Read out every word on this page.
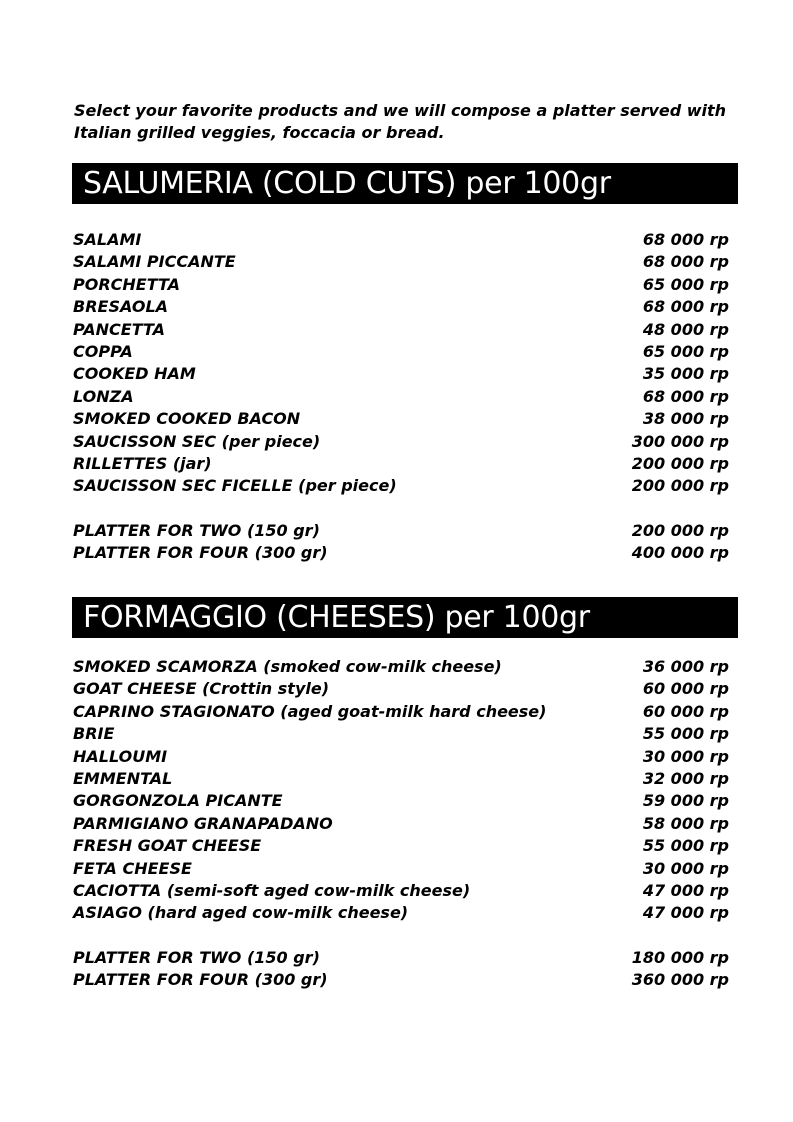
Select your favorite products and we will compose a platter served with
Italian grilled veggies, foccacia or bread.
SALUMERIA (COLD CUTS) per 100gr
SALAMI	68 000 rp
SALAMI PICCANTE	68 000 rp
PORCHETTA	65 000 rp
BRESAOLA	68 000 rp
PANCETTA	48 000 rp
COPPA	65 000 rp
COOKED HAM	35 000 rp
LONZA	68 000 rp
SMOKED COOKED BACON	38 000 rp
SAUCISSON SEC (per piece)	300 000 rp
RILLETTES (jar)	200 000 rp
SAUCISSON SEC FICELLE (per piece)	200 000 rp
PLATTER FOR TWO (150 gr)	200 000 rp
PLATTER FOR FOUR (300 gr)	400 000 rp
FORMAGGIO (CHEESES) per 100gr
SMOKED SCAMORZA (smoked cow-milk cheese)	36 000 rp
GOAT CHEESE (Crottin style)	60 000 rp
CAPRINO STAGIONATO (aged goat-milk hard cheese)	60 000 rp
BRIE	55 000 rp
HALLOUMI	30 000 rp
EMMENTAL	32 000 rp
GORGONZOLA PICANTE	59 000 rp
PARMIGIANO GRANAPADANO	58 000 rp
FRESH GOAT CHEESE	55 000 rp
FETA CHEESE	30 000 rp
CACIOTTA (semi-soft aged cow-milk cheese)	47 000 rp
ASIAGO (hard aged cow-milk cheese)	47 000 rp
PLATTER FOR TWO (150 gr)	180 000 rp
PLATTER FOR FOUR (300 gr)	360 000 rp
